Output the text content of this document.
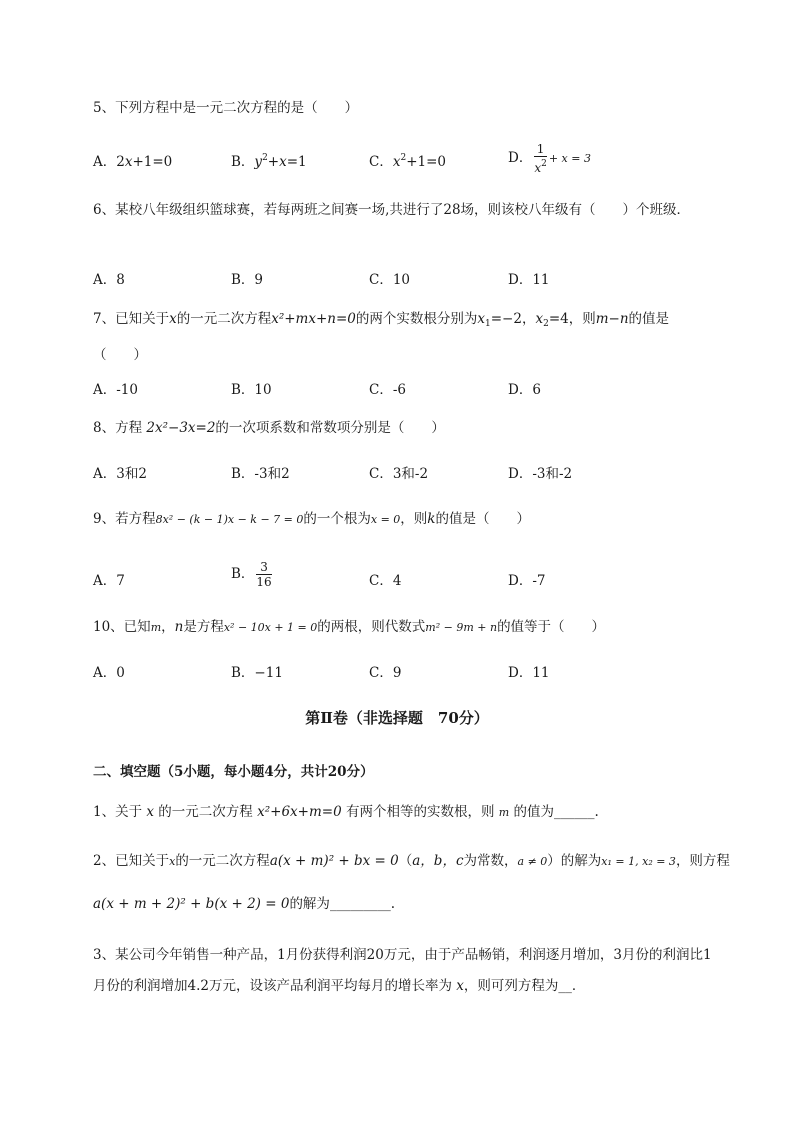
5、下列方程中是一元二次方程的是（　　）
A．2x+1=0	B．$y^2+x=1$	C．$x^2+1=0$	D． $\frac{1}{x^2} + x = 3$
6、某校八年级组织篮球赛，若每两班之间赛一场,共进行了28场，则该校八年级有（　　）个班级．
A．8	B．9	C．10	D．11
7、已知关于x的一元二次方程x²+mx+n=0的两个实数根分别为$x_1=-2$，$x_2=4$，则m−n的值是（　　）
A．-10	B．10	C．-6	D．6
8、方程 2x²−3x=2的一次项系数和常数项分别是（　　）
A．3和2	B．-3和2	C．3和-2	D．-3和-2
9、若方程8x² − (k − 1)x − k − 7 = 0的一个根为x = 0，则k的值是（　　）
A．7	B． $\frac{3}{16}$	C．4	D．-7
10、已知m，n是方程x² − 10x + 1 = 0的两根，则代数式m² − 9m + n的值等于（　　）
A．0	B．−11	C．9	D．11
第Ⅱ卷（非选择题　70分）
二、填空题（5小题，每小题4分，共计20分）
1、关于 x 的一元二次方程 x²+6x+m=0 有两个相等的实数根，则 m 的值为______.
2、已知关于x的一元二次方程a(x + m)² + bx = 0（a，b，c为常数，a ≠ 0）的解为x₁ = 1, x₂ = 3，则方程
a(x + m + 2)² + b(x + 2) = 0的解为_________.
3、某公司今年销售一种产品，1月份获得利润20万元，由于产品畅销，利润逐月增加，3月份的利润比1月份的利润增加4.2万元，设该产品利润平均每月的增长率为 x，则可列方程为__．
